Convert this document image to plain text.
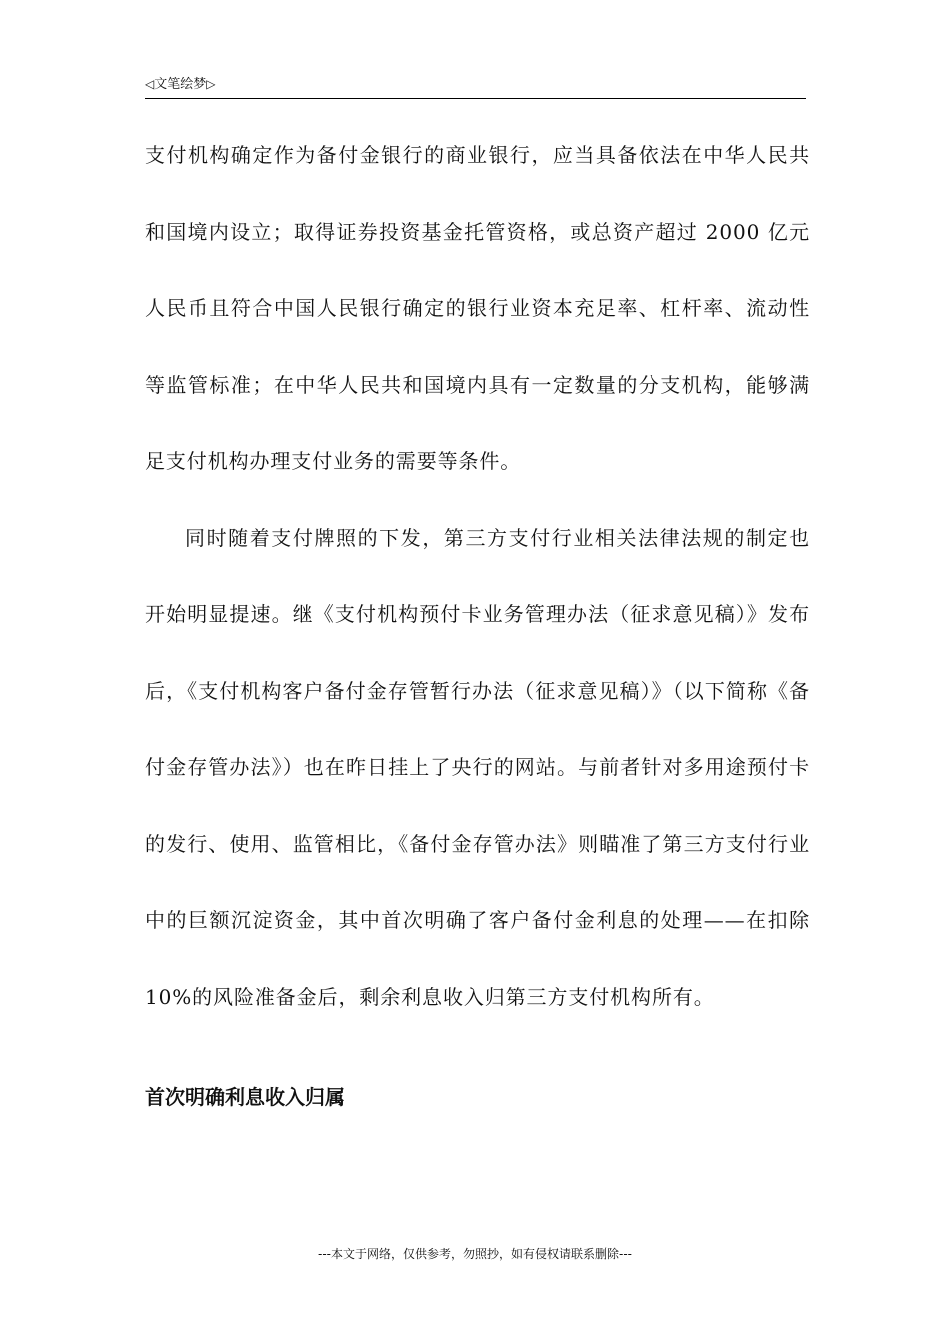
◁文笔绘梦▷

支付机构确定作为备付金银行的商业银行，应当具备依法在中华人民共和国境内设立；取得证券投资基金托管资格，或总资产超过 2000 亿元人民币且符合中国人民银行确定的银行业资本充足率、杠杆率、流动性等监管标准；在中华人民共和国境内具有一定数量的分支机构，能够满足支付机构办理支付业务的需要等条件。

同时随着支付牌照的下发，第三方支付行业相关法律法规的制定也开始明显提速。继《支付机构预付卡业务管理办法（征求意见稿）》发布后，《支付机构客户备付金存管暂行办法（征求意见稿）》（以下简称《备付金存管办法》）也在昨日挂上了央行的网站。与前者针对多用途预付卡的发行、使用、监管相比，《备付金存管办法》则瞄准了第三方支付行业中的巨额沉淀资金，其中首次明确了客户备付金利息的处理——在扣除 10%的风险准备金后，剩余利息收入归第三方支付机构所有。

首次明确利息收入归属
---本文于网络，仅供参考，勿照抄，如有侵权请联系删除---
